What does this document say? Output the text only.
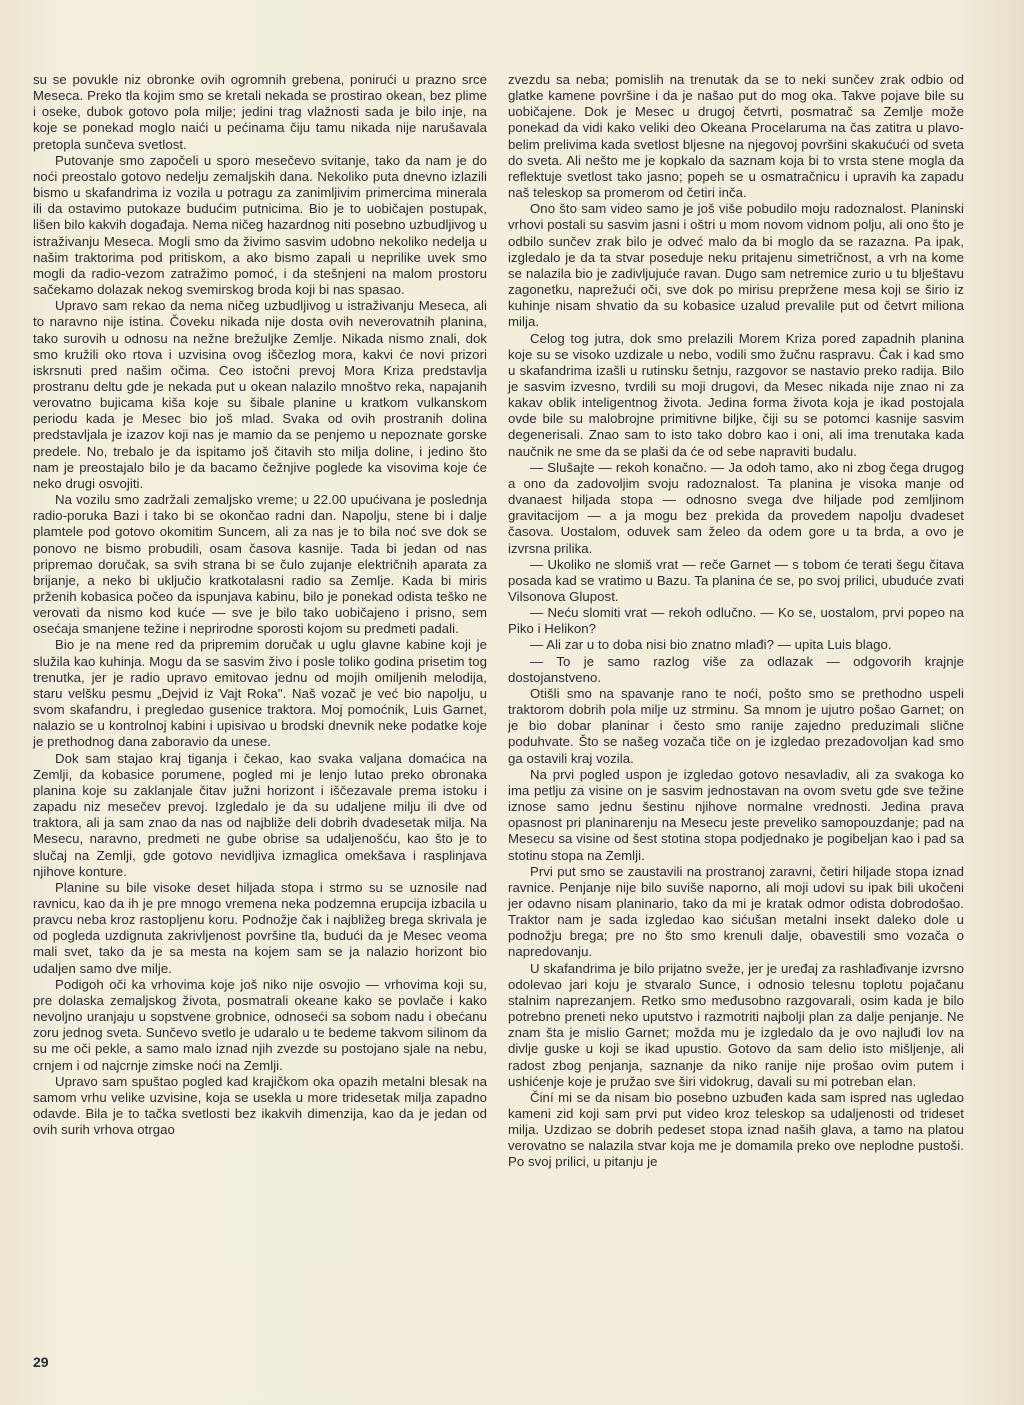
su se povukle niz obronke ovih ogromnih grebena, ponirući u prazno srce Meseca. Preko tla kojim smo se kretali nekada se prostirao okean, bez plime i oseke, dubok gotovo pola milje; jedini trag vlažnosti sada je bilo inje, na koje se ponekad moglo naići u pećinama čiju tamu nikada nije narušavala pretopla sunčeva svetlost.

Putovanje smo započeli u sporo mesečevo svitanje, tako da nam je do noći preostalo gotovo nedelju zemaljskih dana. Nekoliko puta dnevno izlazili bismo u skafandrima iz vozila u potragu za zanimljivim primercima minerala ili da ostavimo putokaze budućim putnicima. Bio je to uobičajen postupak, lišen bilo kakvih događaja. Nema ničeg hazardnog niti posebno uzbudljivog u istraživanju Meseca. Mogli smo da živimo sasvim udobno nekoliko nedelja u našim traktorima pod pritiskom, a ako bismo zapali u neprilike uvek smo mogli da radio-vezom zatražimo pomoć, i da stešnjeni na malom prostoru sačekamo dolazak nekog svemirskog broda koji bi nas spasao.

Upravo sam rekao da nema ničeg uzbudljivog u istraživanju Meseca, ali to naravno nije istina. Čoveku nikada nije dosta ovih neverovatnih planina, tako surovih u odnosu na nežne brežuljke Zemlje. Nikada nismo znali, dok smo kružili oko rtova i uzvisina ovog iščezlog mora, kakvi će novi prizori iskrsnuti pred našim očima. Ceo istočni prevoj Mora Kriza predstavlja prostranu deltu gde je nekada put u okean nalazilo mnoštvo reka, napajanih verovatno bujicama kiša koje su šibale planine u kratkom vulkanskom periodu kada je Mesec bio još mlad. Svaka od ovih prostranih dolina predstavljala je izazov koji nas je mamio da se penjemo u nepoznate gorske predele. No, trebalo je da ispitamo još čitavih sto milja doline, i jedino što nam je preostajalo bilo je da bacamo čežnjive poglede ka visovima koje će neko drugi osvojiti.

Na vozilu smo zadržali zemaljsko vreme; u 22.00 upućivana je poslednja radio-poruka Bazi i tako bi se okončao radni dan. Napolju, stene bi i dalje plamtele pod gotovo okomitim Suncem, ali za nas je to bila noć sve dok se ponovo ne bismo probudili, osam časova kasnije. Tada bi jedan od nas pripremao doručak, sa svih strana bi se čulo zujanje električnih aparata za brijanje, a neko bi uključio kratkotalasni radio sa Zemlje. Kada bi miris prženih kobasica počeo da ispunjava kabinu, bilo je ponekad odista teško ne verovati da nismo kod kuće — sve je bilo tako uobičajeno i prisno, sem osećaja smanjene težine i neprirodne sporosti kojom su predmeti padali.

Bio je na mene red da pripremim doručak u uglu glavne kabine koji je služila kao kuhinja. Mogu da se sasvim živo i posle toliko godina prisetim tog trenutka, jer je radio upravo emitovao jednu od mojih omiljenih melodija, staru velšku pesmu „Dejvid iz Vajt Roka". Naš vozač je već bio napolju, u svom skafandru, i pregledao gusenice traktora. Moj pomoćnik, Luis Garnet, nalazio se u kontrolnoj kabini i upisivao u brodski dnevnik neke podatke koje je prethodnog dana zaboravio da unese.

Dok sam stajao kraj tiganja i čekao, kao svaka valjana domaćica na Zemlji, da kobasice porumene, pogled mi je lenjo lutao preko obronaka planina koje su zaklanjale čitav južni horizont i iščezavale prema istoku i zapadu niz mesečev prevoj. Izgledalo je da su udaljene milju ili dve od traktora, ali ja sam znao da nas od najbliže deli dobrih dvadesetak milja. Na Mesecu, naravno, predmeti ne gube obrise sa udaljenošću, kao što je to slučaj na Zemlji, gde gotovo nevidljiva izmaglica omekšava i rasplinjava njihove konture.

Planine su bile visoke deset hiljada stopa i strmo su se uznosile nad ravnicu, kao da ih je pre mnogo vremena neka podzemna erupcija izbacila u pravcu neba kroz rastopljenu koru. Podnožje čak i najbližeg brega skrivala je od pogleda uzdignuta zakrivljenost površine tla, budući da je Mesec veoma mali svet, tako da je sa mesta na kojem sam se ja nalazio horizont bio udaljen samo dve milje.

Podigoh oči ka vrhovima koje još niko nije osvojio — vrhovima koji su, pre dolaska zemaljskog života, posmatrali okeane kako se povlače i kako nevoljno uranjaju u sopstvene grobnice, odnoseći sa sobom nadu i obećanu zoru jednog sveta. Sunčevo svetlo je udaralo u te bedeme takvom silinom da su me oči pekle, a samo malo iznad njih zvezde su postojano sjale na nebu, crnjem i od najcrnje zimske noći na Zemlji.

Upravo sam spuštao pogled kad krajičkom oka opazih metalni blesak na samom vrhu velike uzvisine, koja se usekla u more tridesetak milja zapadno odavde. Bila je to tačka svetlosti bez ikakvih dimenzija, kao da je jedan od ovih surih vrhova otrgao

zvezdu sa neba; pomislih na trenutak da se to neki sunčev zrak odbio od glatke kamene površine i da je našao put do mog oka. Takve pojave bile su uobičajene. Dok je Mesec u drugoj četvrti, posmatrač sa Zemlje može ponekad da vidi kako veliki deo Okeana Procelaruma na čas zatitra u plavo-belim prelivima kada svetlost bljesne na njegovoj površini skakućući od sveta do sveta. Ali nešto me je kopkalo da saznam koja bi to vrsta stene mogla da reflektuje svetlost tako jasno; popeh se u osmatračnicu i upravih ka zapadu naš teleskop sa promerom od četiri inča.

Ono što sam video samo je još više pobudilo moju radoznalost. Planinski vrhovi postali su sasvim jasni i oštri u mom novom vidnom polju, ali ono što je odbilo sunčev zrak bilo je odveć malo da bi moglo da se razazna. Pa ipak, izgledalo je da ta stvar poseduje neku pritajenu simetričnost, a vrh na kome se nalazila bio je zadivljujuće ravan. Dugo sam netremice zurio u tu blještavu zagonetku, naprežući oči, sve dok po mirisu prepržene mesa koji se širio iz kuhinje nisam shvatio da su kobasice uzalud prevalile put od četvrt miliona milja.

Celog tog jutra, dok smo prelazili Morem Kriza pored zapadnih planina koje su se visoko uzdizale u nebo, vodili smo žučnu raspravu. Čak i kad smo u skafandrima izašli u rutinsku šetnju, razgovor se nastavio preko radija. Bilo je sasvim izvesno, tvrdili su moji drugovi, da Mesec nikada nije znao ni za kakav oblik inteligentnog života. Jedina forma života koja je ikad postojala ovde bile su malobrojne primitivne biljke, čiji su se potomci kasnije sasvim degenerisali. Znao sam to isto tako dobro kao i oni, ali ima trenutaka kada naučnik ne sme da se plaši da će od sebe napraviti budalu.

— Slušajte — rekoh konačno. — Ja odoh tamo, ako ni zbog čega drugog a ono da zadovoljim svoju radoznalost. Ta planina je visoka manje od dvanaest hiljada stopa — odnosno svega dve hiljade pod zemljinom gravitacijom — a ja mogu bez prekida da provedem napolju dvadeset časova. Uostalom, oduvek sam želeo da odem gore u ta brda, a ovo je izvrsna prilika.

— Ukoliko ne slomiš vrat — reče Garnet — s tobom će terati šegu čitava posada kad se vratimo u Bazu. Ta planina će se, po svoj prilici, ubuduće zvati Vilsonova Glupost.

— Neću slomiti vrat — rekoh odlučno. — Ko se, uostalom, prvi popeo na Piko i Helikon?

— Ali zar u to doba nisi bio znatno mlađi? — upita Luis blago.

— To je samo razlog više za odlazak — odgovorih krajnje dostojanstveno.

Otišli smo na spavanje rano te noći, pošto smo se prethodno uspeli traktorom dobrih pola milje uz strminu. Sa mnom je ujutro pošao Garnet; on je bio dobar planinar i često smo ranije zajedno preduzimali slične poduhvate. Što se našeg vozača tiče on je izgledao prezadovoljan kad smo ga ostavili kraj vozila.

Na prvi pogled uspon je izgledao gotovo nesavladiv, ali za svakoga ko ima petlju za visine on je sasvim jednostavan na ovom svetu gde sve težine iznose samo jednu šestinu njihove normalne vrednosti. Jedina prava opasnost pri planinarenju na Mesecu jeste preveliko samopouzdanje; pad na Mesecu sa visine od šest stotina stopa podjednako je pogibeljan kao i pad sa stotinu stopa na Zemlji.

Prvi put smo se zaustavili na prostranoj zaravni, četiri hiljade stopa iznad ravnice. Penjanje nije bilo suviše naporno, ali moji udovi su ipak bili ukočeni jer odavno nisam planinario, tako da mi je kratak odmor odista dobrodošao. Traktor nam je sada izgledao kao sićušan metalni insekt daleko dole u podnožju brega; pre no što smo krenuli dalje, obavestili smo vozača o napredovanju.

U skafandrima je bilo prijatno sveže, jer je uređaj za rashlađivanje izvrsno odolevao jari koju je stvaralo Sunce, i odnosio telesnu toplotu pojačanu stalnim naprezanjem. Retko smo međusobno razgovarali, osim kada je bilo potrebno preneti neko uputstvo i razmotriti najbolji plan za dalje penjanje. Ne znam šta je mislio Garnet; možda mu je izgledalo da je ovo najluđi lov na divlje guske u koji se ikad upustio. Gotovo da sam delio isto mišljenje, ali radost zbog penjanja, saznanje da niko ranije nije prošao ovim putem i ushićenje koje je pružao sve širi vidokrug, davali su mi potreban elan.

Činí mi se da nisam bio posebno uzbuđen kada sam ispred nas ugledao kameni zid koji sam prvi put video kroz teleskop sa udaljenosti od trideset milja. Uzdizao se dobrih pedeset stopa iznad naših glava, a tamo na platou verovatno se nalazila stvar koja me je domamila preko ove neplodne pustoši. Po svoj prilici, u pitanju je

29
